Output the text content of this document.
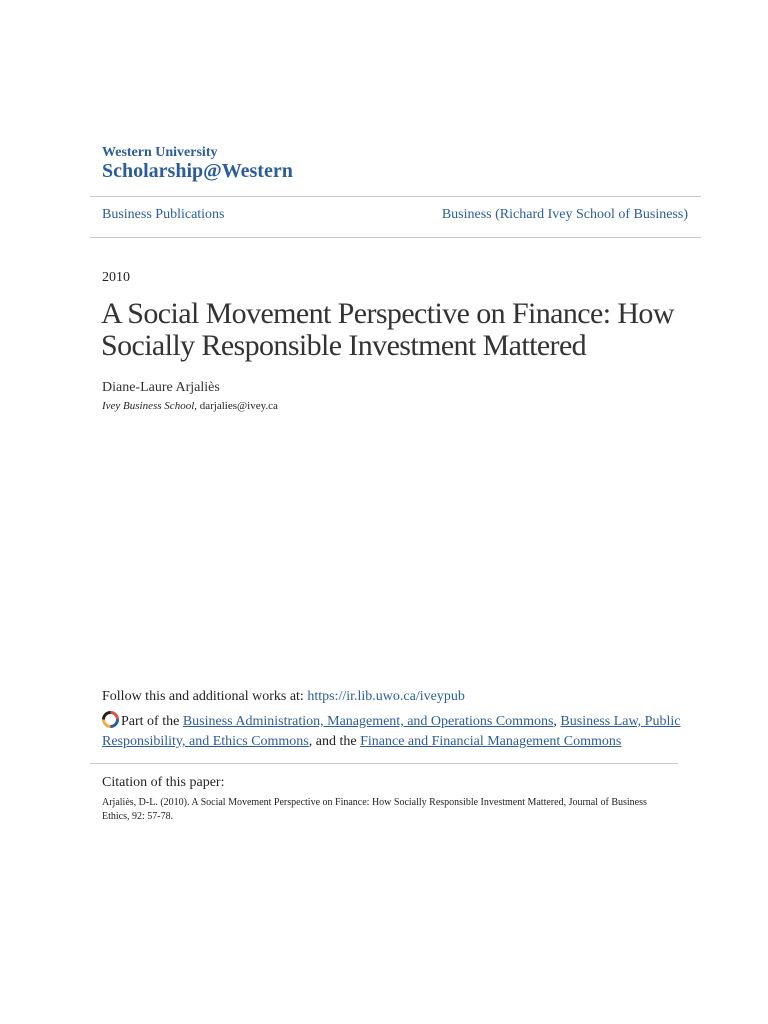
Western University
Scholarship@Western
Business Publications	Business (Richard Ivey School of Business)
2010
A Social Movement Perspective on Finance: How Socially Responsible Investment Mattered
Diane-Laure Arjaliès
Ivey Business School, darjalies@ivey.ca
Follow this and additional works at: https://ir.lib.uwo.ca/iveypub
Part of the Business Administration, Management, and Operations Commons, Business Law, Public Responsibility, and Ethics Commons, and the Finance and Financial Management Commons
Citation of this paper:
Arjaliès, D-L. (2010). A Social Movement Perspective on Finance: How Socially Responsible Investment Mattered, Journal of Business Ethics, 92: 57-78.
